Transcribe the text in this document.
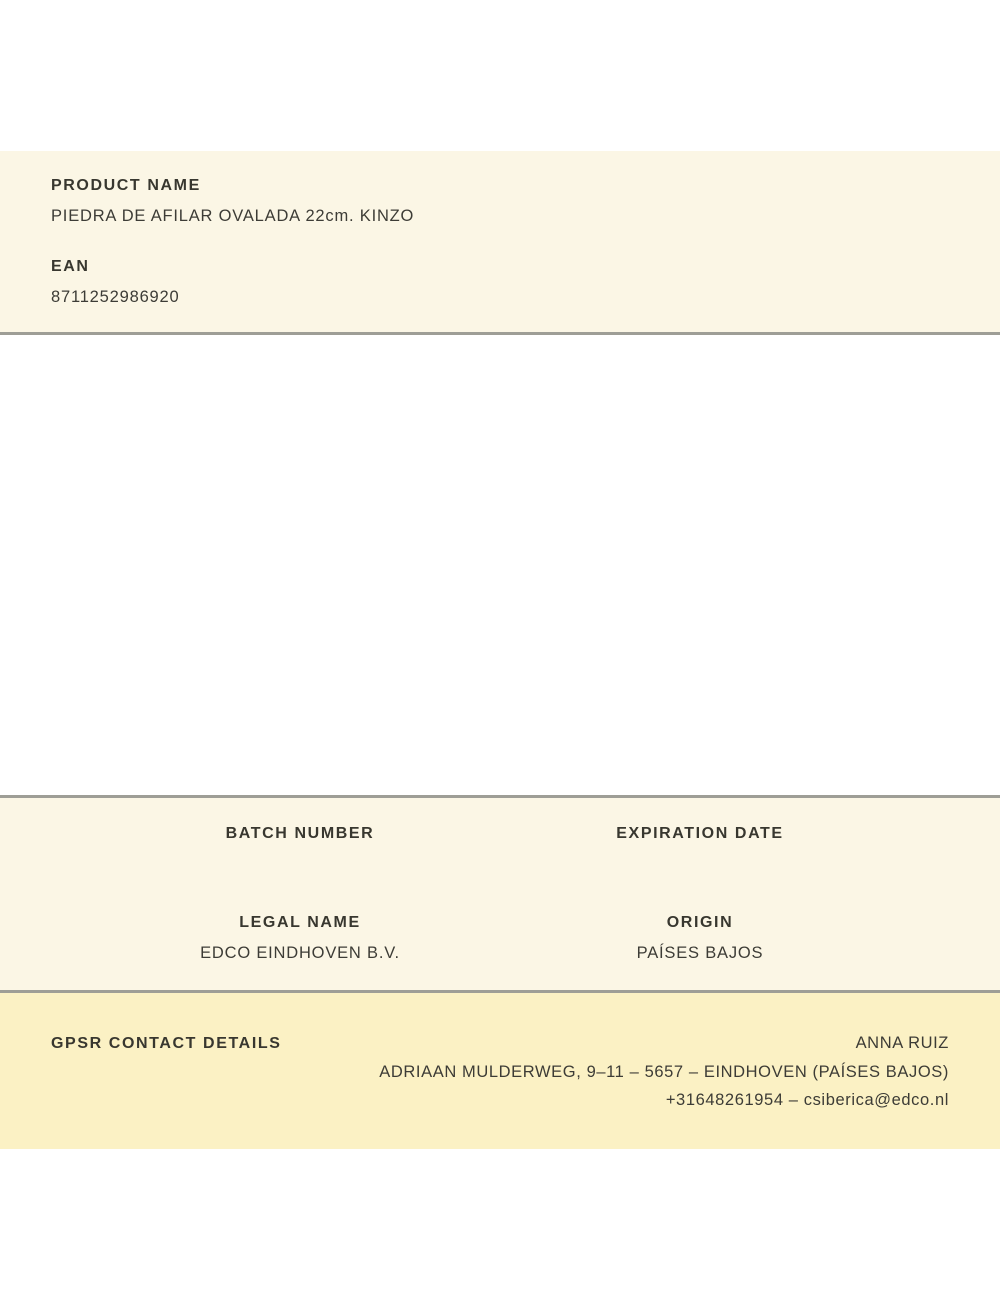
PRODUCT NAME
PIEDRA DE AFILAR OVALADA 22cm. KINZO
EAN
8711252986920
BATCH NUMBER	EXPIRATION DATE
LEGAL NAME
EDCO EINDHOVEN B.V.
ORIGIN
PAÍSES BAJOS
GPSR CONTACT DETAILS	ANNA RUIZ
ADRIAAN MULDERWEG, 9–11 – 5657 – EINDHOVEN (PAÍSES BAJOS)
+31648261954 – csiberica@edco.nl
